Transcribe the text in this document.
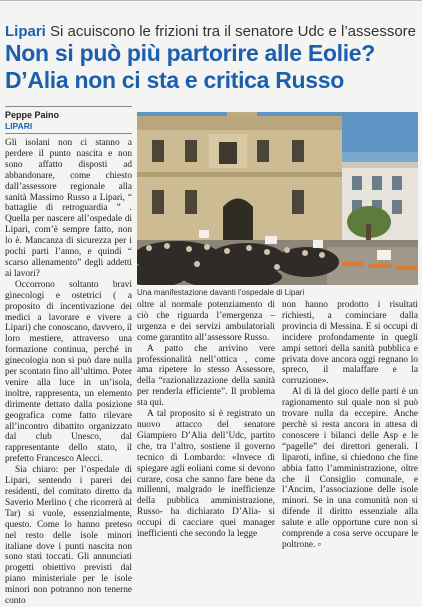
Lipari Si acuiscono le frizioni tra il senatore Udc e l’assessore
Non si può più partorire alle Eolie?
D’Alia non ci sta e critica Russo
Peppe Paino
LIPARI

Gli isolani non ci stanno a perdere il punto nascita e non sono affatto disposti ad abbandonare, come chiesto dall’assessore regionale alla sanità Massimo Russo a Lipari, “ battaglie di retroguardia ” . Quella per nascere all’ospedale di Lipari, com’è sempre fatto, non lo è. Mancanza di sicurezza per i pochi parti l’anno, e quindi “ scarso allenamento” degli addetti ai lavori?

Occorrono soltanto bravi ginecologi e ostetrici ( a proposito di incentivazione dei medici a lavorare e vivere a Lipari) che conoscano, davvero, il loro mestiere, attraverso una formazione continua, perché in ginecologia non si può dare nulla per scontato fino all’ultimo. Poter venire alla luce in un’isola, inoltre, rappresenta, un elemento dirimente dettato dalla posizione geografica come fatto rilevare all’incontro dibattito organizzato dal club Unesco, dal rappresentante dello stato, il prefetto Francesco Alecci.

Sia chiaro: per l’ospedale di Lipari, sentendo i pareri dei residenti, del comitato diretto da Saverio Merlino ( che ricorrerà al Tar) si vuole, essenzialmente, questo. Come lo hanno preteso nel resto delle isole minori italiane dove i punti nascita non sono stati toccati. Gli annunciati progetti obiettivo previsti dal piano ministeriale per le isole minori non potranno non tenerne conto

Una manifestazione davanti l’ospedale di Lipari

oltre al normale potenziamento di ciò che riguarda l’emergenza –urgenza e dei servizi ambulatoriali come garantito all’assessore Russo.

A patto che arrivino vere professionalità nell’ottica , come ama ripetere lo stesso Assessore, della “razionalizzazione della sanità per renderla efficiente”. Il problema sta qui.

A tal proposito si è registrato un nuovo attacco del senatore Giampiero D’Alia dell’Udc, partito che, tra l’altro, sostiene il governo tecnico di Lombardo: «Invece di spiegare agli eoliani come si devono curare, cosa che sanno fare bene da millenni, malgrado le inefficienze della pubblica amministrazione, Russo- ha dichiarato D’Alia- si occupi di cacciare quei manager inefficienti che secondo la legge

non hanno prodotto i risultati richiesti, a cominciare dalla provincia di Messina. E si occupi di incidere profondamente in quegli ampi settori della sanità pubblica e privata dove ancora oggi regnano lo spreco, il malaffare e la corruzione».

Al di là del gioco delle parti è un ragionamento sul quale non si può trovare nulla da eccepire. Anche perchè si resta ancora in attesa di conoscere i bilanci delle Asp e le “pagelle” dei direttori generali. I liparoti, infine, si chiedono che fine abbia fatto l’amministrazione, oltre che il Consiglio comunale, e l’Ancim, l’associazione delle isole minori. Se in una comunità non si difende il diritto essenziale alla salute e alle opportune cure non si comprende a cosa serve occupare le poltrone. ▫
